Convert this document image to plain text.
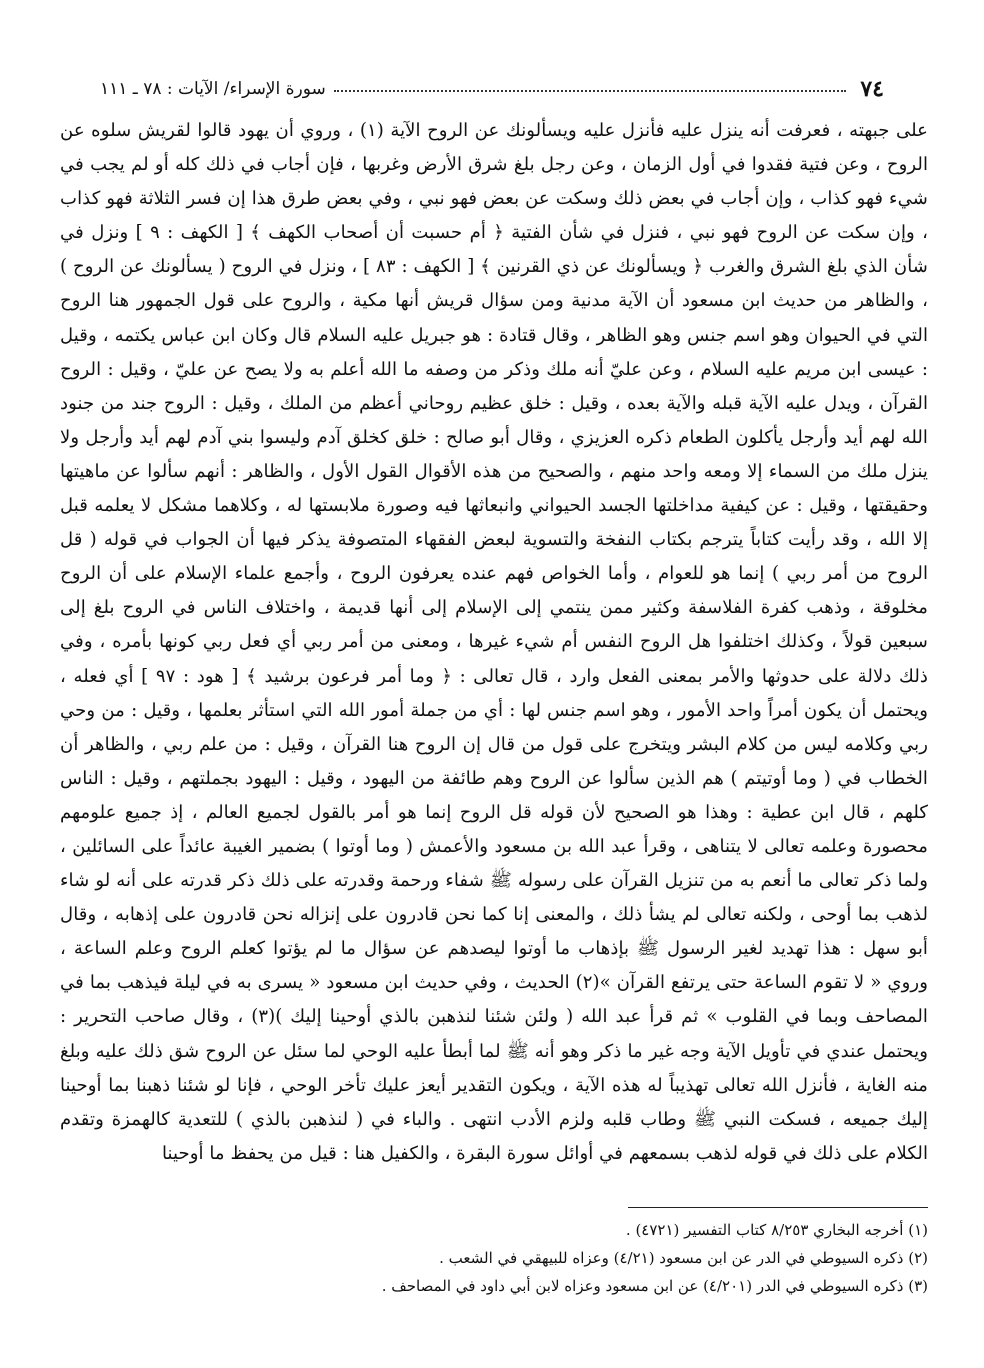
٧٤
سورة الإسراء/ الآيات : ٧٨ ـ ١١١

على جبهته ، فعرفت أنه ينزل عليه فأنزل عليه ويسألونك عن الروح الآية (١) ، وروي أن يهود قالوا لقريش سلوه عن الروح ، وعن فتية فقدوا في أول الزمان ، وعن رجل بلغ شرق الأرض وغربها ، فإن أجاب في ذلك كله أو لم يجب في شيء فهو كذاب ، وإن أجاب في بعض ذلك وسكت عن بعض فهو نبي ، وفي بعض طرق هذا إن فسر الثلاثة فهو كذاب ، وإن سكت عن الروح فهو نبي ، فنزل في شأن الفتية ﴿ أم حسبت أن أصحاب الكهف ﴾ [ الكهف : ٩ ] ونزل في شأن الذي بلغ الشرق والغرب ﴿ ويسألونك عن ذي القرنين ﴾ [ الكهف : ٨٣ ] ، ونزل في الروح ( يسألونك عن الروح ) ، والظاهر من حديث ابن مسعود أن الآية مدنية ومن سؤال قريش أنها مكية ، والروح على قول الجمهور هنا الروح التي في الحيوان وهو اسم جنس وهو الظاهر ، وقال قتادة : هو جبريل عليه السلام قال وكان ابن عباس يكتمه ، وقيل : عيسى ابن مريم عليه السلام ، وعن عليّ أنه ملك وذكر من وصفه ما الله أعلم به ولا يصح عن عليّ ، وقيل : الروح القرآن ، ويدل عليه الآية قبله والآية بعده ، وقيل : خلق عظيم روحاني أعظم من الملك ، وقيل : الروح جند من جنود الله لهم أيد وأرجل يأكلون الطعام ذكره العزيزي ، وقال أبو صالح : خلق كخلق آدم وليسوا بني آدم لهم أيد وأرجل ولا ينزل ملك من السماء إلا ومعه واحد منهم ، والصحيح من هذه الأقوال القول الأول ، والظاهر : أنهم سألوا عن ماهيتها وحقيقتها ، وقيل : عن كيفية مداخلتها الجسد الحيواني وانبعاثها فيه وصورة ملابستها له ، وكلاهما مشكل لا يعلمه قبل إلا الله ، وقد رأيت كتاباً يترجم بكتاب النفخة والتسوية لبعض الفقهاء المتصوفة يذكر فيها أن الجواب في قوله ( قل الروح من أمر ربي ) إنما هو للعوام ، وأما الخواص فهم عنده يعرفون الروح ، وأجمع علماء الإسلام على أن الروح مخلوقة ، وذهب كفرة الفلاسفة وكثير ممن ينتمي إلى الإسلام إلى أنها قديمة ، واختلاف الناس في الروح بلغ إلى سبعين قولاً ، وكذلك اختلفوا هل الروح النفس أم شيء غيرها ، ومعنى من أمر ربي أي فعل ربي كونها بأمره ، وفي ذلك دلالة على حدوثها والأمر بمعنى الفعل وارد ، قال تعالى : ﴿ وما أمر فرعون برشيد ﴾ [ هود : ٩٧ ] أي فعله ، ويحتمل أن يكون أمراً واحد الأمور ، وهو اسم جنس لها : أي من جملة أمور الله التي استأثر بعلمها ، وقيل : من وحي ربي وكلامه ليس من كلام البشر ويتخرج على قول من قال إن الروح هنا القرآن ، وقيل : من علم ربي ، والظاهر أن الخطاب في ( وما أوتيتم ) هم الذين سألوا عن الروح وهم طائفة من اليهود ، وقيل : اليهود بجملتهم ، وقيل : الناس كلهم ، قال ابن عطية : وهذا هو الصحيح لأن قوله قل الروح إنما هو أمر بالقول لجميع العالم ، إذ جميع علومهم محصورة وعلمه تعالى لا يتناهى ، وقرأ عبد الله بن مسعود والأعمش ( وما أوتوا ) بضمير الغيبة عائداً على السائلين ، ولما ذكر تعالى ما أنعم به من تنزيل القرآن على رسوله ﷺ شفاء ورحمة وقدرته على ذلك ذكر قدرته على أنه لو شاء لذهب بما أوحى ، ولكنه تعالى لم يشأ ذلك ، والمعنى إنا كما نحن قادرون على إنزاله نحن قادرون على إذهابه ، وقال أبو سهل : هذا تهديد لغير الرسول ﷺ بإذهاب ما أوتوا ليصدهم عن سؤال ما لم يؤتوا كعلم الروح وعلم الساعة ، وروي « لا تقوم الساعة حتى يرتفع القرآن »(٢) الحديث ، وفي حديث ابن مسعود « يسرى به في ليلة فيذهب بما في المصاحف وبما في القلوب » ثم قرأ عبد الله ( ولئن شئنا لنذهبن بالذي أوحينا إليك )(٣) ، وقال صاحب التحرير : ويحتمل عندي في تأويل الآية وجه غير ما ذكر وهو أنه ﷺ لما أبطأ عليه الوحي لما سئل عن الروح شق ذلك عليه وبلغ منه الغاية ، فأنزل الله تعالى تهذيباً له هذه الآية ، ويكون التقدير أيعز عليك تأخر الوحي ، فإنا لو شئنا ذهبنا بما أوحينا إليك جميعه ، فسكت النبي ﷺ وطاب قلبه ولزم الأدب انتهى . والباء في ( لنذهبن بالذي ) للتعدية كالهمزة وتقدم الكلام على ذلك في قوله لذهب بسمعهم في أوائل سورة البقرة ، والكفيل هنا : قيل من يحفظ ما أوحينا

(١) أخرجه البخاري ٨/٢٥٣ كتاب التفسير (٤٧٢١) .
(٢) ذكره السيوطي في الدر عن ابن مسعود (٤/٢١) وعزاه للبيهقي في الشعب .
(٣) ذكره السيوطي في الدر (٤/٢٠١) عن ابن مسعود وعزاه لابن أبي داود في المصاحف .
